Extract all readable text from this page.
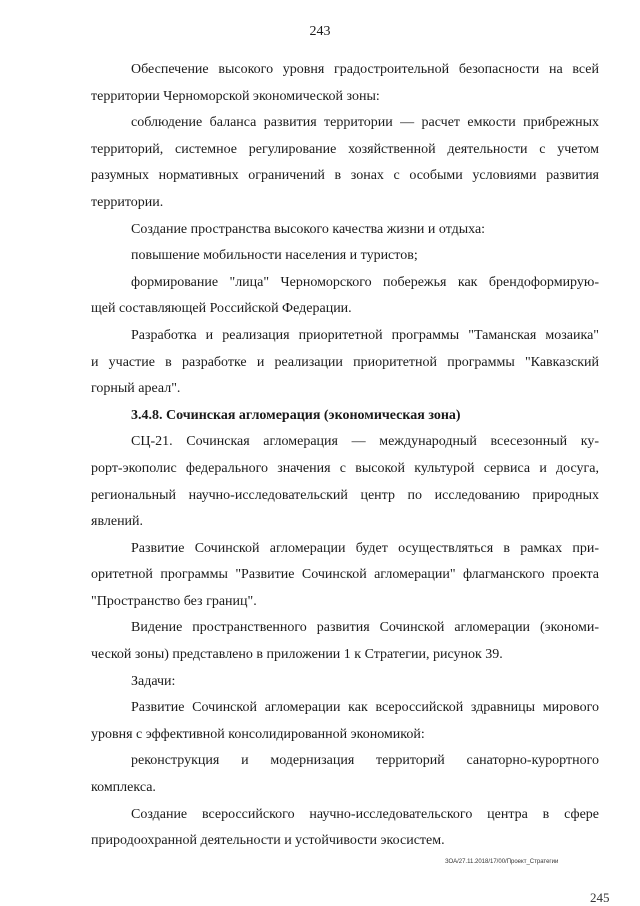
243

Обеспечение высокого уровня градостроительной безопасности на всей

территории Черноморской экономической зоны:

соблюдение баланса развития территории — расчет емкости прибрежных

территорий, системное регулирование хозяйственной деятельности с учетом

разумных нормативных ограничений в зонах с особыми условиями развития

территории.

Создание пространства высокого качества жизни и отдыха:

повышение мобильности населения и туристов;

формирование "лица" Черноморского побережья как брендоформирую-

щей составляющей Российской Федерации.

Разработка и реализация приоритетной программы "Таманская мозаика"

и участие в разработке и реализации приоритетной программы "Кавказский

горный ареал".

3.4.8. Сочинская агломерация (экономическая зона)

СЦ-21. Сочинская агломерация — международный всесезонный ку-

рорт-экополис федерального значения с высокой культурой сервиса и досуга,

региональный научно-исследовательский центр по исследованию природных

явлений.

Развитие Сочинской агломерации будет осуществляться в рамках при-

оритетной программы "Развитие Сочинской агломерации" флагманского проекта

"Пространство без границ".

Видение пространственного развития Сочинской агломерации (экономи-

ческой зоны) представлено в приложении 1 к Стратегии, рисунок 39.

Задачи:

Развитие Сочинской агломерации как всероссийской здравницы мирового

уровня с эффективной консолидированной экономикой:

реконструкция и модернизация территорий санаторно-курортного

комплекса.

Создание всероссийского научно-исследовательского центра в сфере

природоохранной деятельности и устойчивости экосистем.

ЗОА/27.11.2018/17/00/Проект_Стратегии
245
